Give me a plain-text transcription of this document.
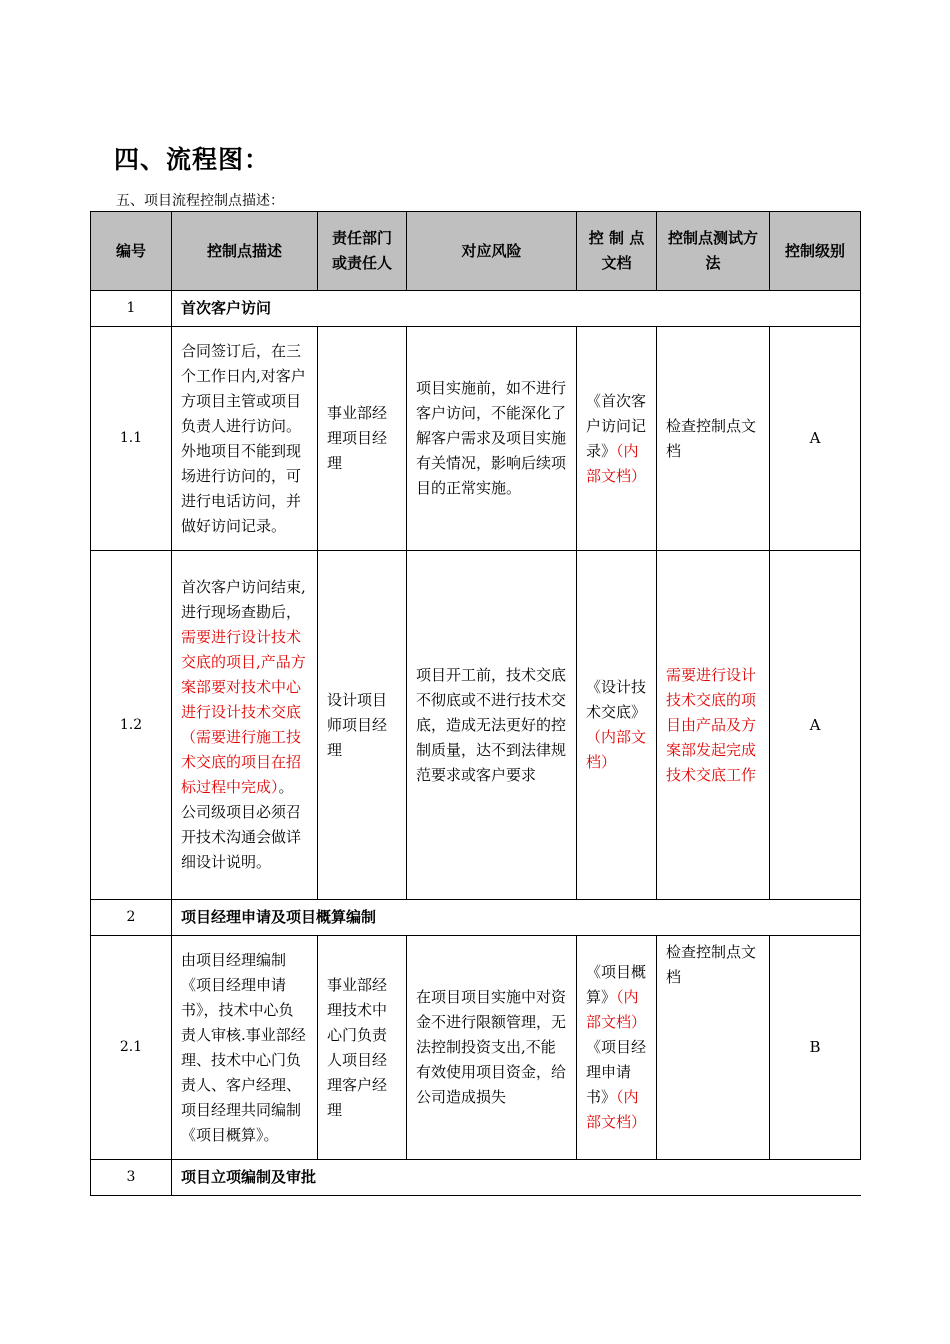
四、流程图：

五、项目流程控制点描述：

编号	控制点描述	责任部门或责任人	对应风险	控 制 点文档	控制点测试方法	控制级别
1	首次客户访问					
1.1	合同签订后，在三个工作日内,对客户方项目主管或项目负责人进行访问。外地项目不能到现场进行访问的，可进行电话访问，并做好访问记录。	事业部经理项目经理	项目实施前，如不进行客户访问，不能深化了解客户需求及项目实施有关情况，影响后续项目的正常实施。	《首次客户访问记录》（内部文档）	检查控制点文档	A
1.2	首次客户访问结束,进行现场查勘后，需要进行设计技术交底的项目,产品方案部要对技术中心进行设计技术交底（需要进行施工技术交底的项目在招标过程中完成）。公司级项目必须召开技术沟通会做详细设计说明。	设计项目师项目经理	项目开工前，技术交底不彻底或不进行技术交底，造成无法更好的控制质量，达不到法律规范要求或客户要求	《设计技术交底》（内部文档）	需要进行设计技术交底的项目由产品及方案部发起完成技术交底工作	A
2	项目经理申请及项目概算编制					
2.1	由项目经理编制《项目经理申请书》，技术中心负责人审核.事业部经理、技术中心门负责人、客户经理、项目经理共同编制《项目概算》。	事业部经理技术中心门负责人项目经理客户经理	在项目项目实施中对资金不进行限额管理，无法控制投资支出,不能有效使用项目资金，给公司造成损失	《项目概算》（内部文档）《项目经理申请书》（内部文档）	检查控制点文档	B
3	项目立项编制及审批					
